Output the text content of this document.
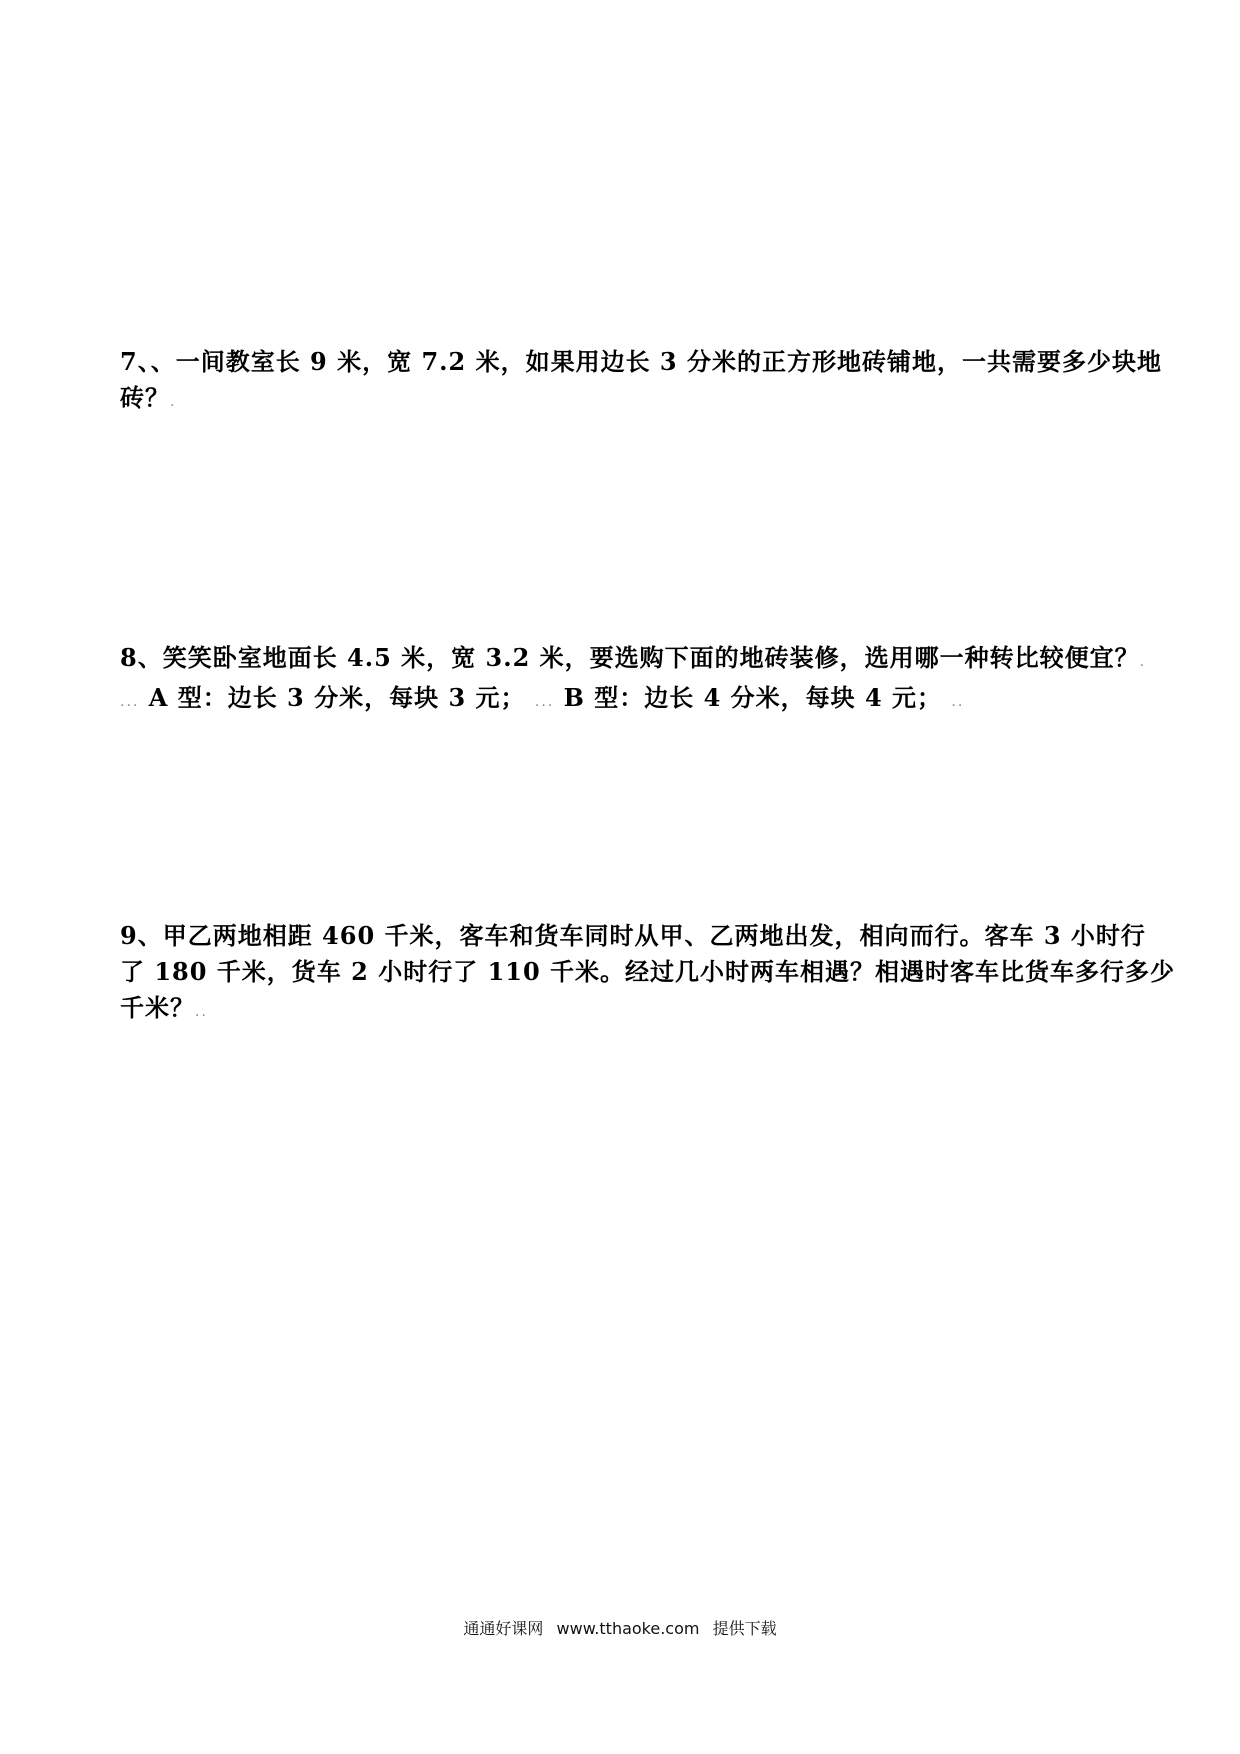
7、、一间教室长 9 米，宽 7.2 米，如果用边长 3 分米的正方形地砖铺地，一共需要多少块地
砖？.
8、笑笑卧室地面长 4.5 米，宽 3.2 米，要选购下面的地砖装修，选用哪一种转比较便宜？.
... A 型：边长 3 分米，每块 3 元； ... B 型：边长 4 分米，每块 4 元； ..
9、甲乙两地相距 460 千米，客车和货车同时从甲、乙两地出发，相向而行。客车 3 小时行
了 180 千米，货车 2 小时行了 110 千米。经过几小时两车相遇？相遇时客车比货车多行多少
千米？..
通通好课网 www.tthaoke.com 提供下载
